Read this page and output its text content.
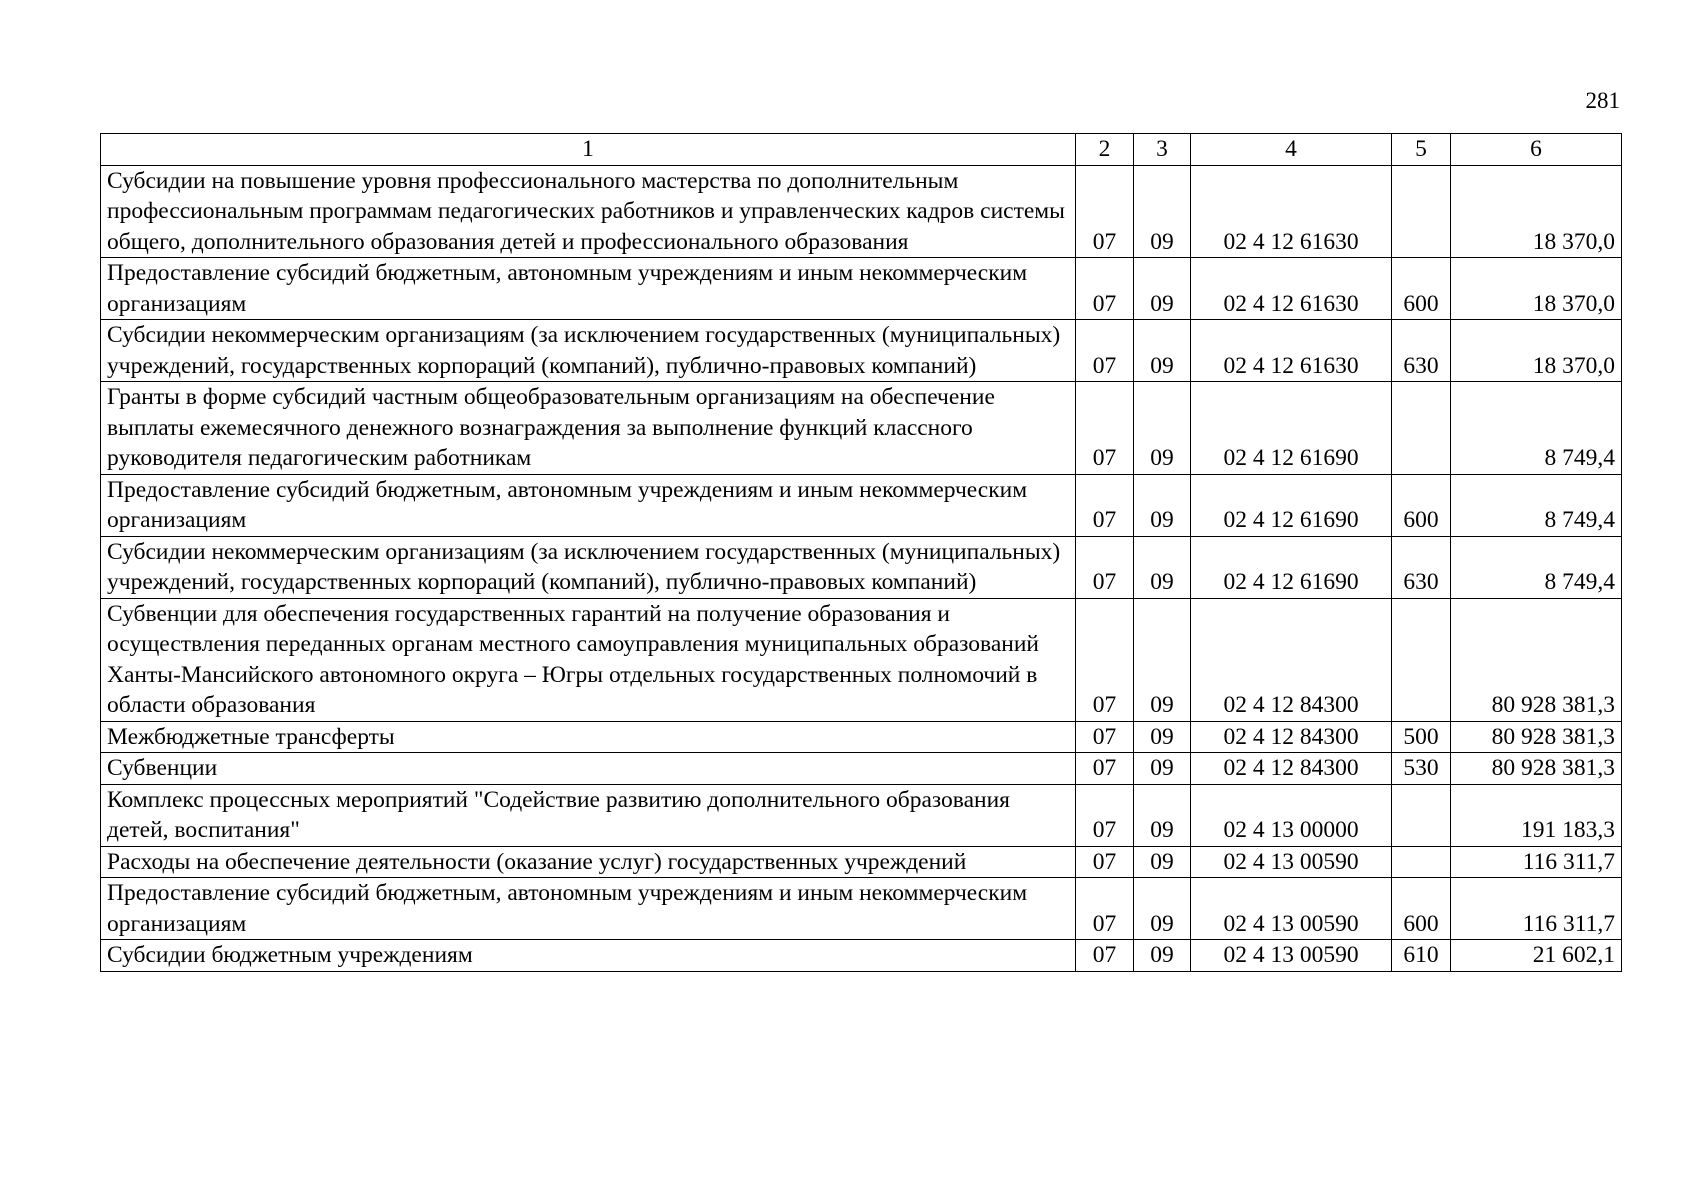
281
1	2	3	4	5	6
Субсидии на повышение уровня профессионального мастерства по дополнительным профессиональным программам педагогических работников и управленческих кадров системы общего, дополнительного образования детей и профессионального образования	07	09	02 4 12 61630		18 370,0
Предоставление субсидий бюджетным, автономным учреждениям и иным некоммерческим организациям	07	09	02 4 12 61630	600	18 370,0
Субсидии некоммерческим организациям (за исключением государственных (муниципальных) учреждений, государственных корпораций (компаний), публично-правовых компаний)	07	09	02 4 12 61630	630	18 370,0
Гранты в форме субсидий частным общеобразовательным организациям на обеспечение выплаты ежемесячного денежного вознаграждения за выполнение функций классного руководителя педагогическим работникам	07	09	02 4 12 61690		8 749,4
Предоставление субсидий бюджетным, автономным учреждениям и иным некоммерческим организациям	07	09	02 4 12 61690	600	8 749,4
Субсидии некоммерческим организациям (за исключением государственных (муниципальных) учреждений, государственных корпораций (компаний), публично-правовых компаний)	07	09	02 4 12 61690	630	8 749,4
Субвенции для обеспечения государственных гарантий на получение образования и осуществления переданных органам местного самоуправления муниципальных образований Ханты-Мансийского автономного округа – Югры отдельных государственных полномочий в области образования	07	09	02 4 12 84300		80 928 381,3
Межбюджетные трансферты	07	09	02 4 12 84300	500	80 928 381,3
Субвенции	07	09	02 4 12 84300	530	80 928 381,3
Комплекс процессных мероприятий "Содействие развитию дополнительного образования детей, воспитания"	07	09	02 4 13 00000		191 183,3
Расходы на обеспечение деятельности (оказание услуг) государственных учреждений	07	09	02 4 13 00590		116 311,7
Предоставление субсидий бюджетным, автономным учреждениям и иным некоммерческим организациям	07	09	02 4 13 00590	600	116 311,7
Субсидии бюджетным учреждениям	07	09	02 4 13 00590	610	21 602,1
